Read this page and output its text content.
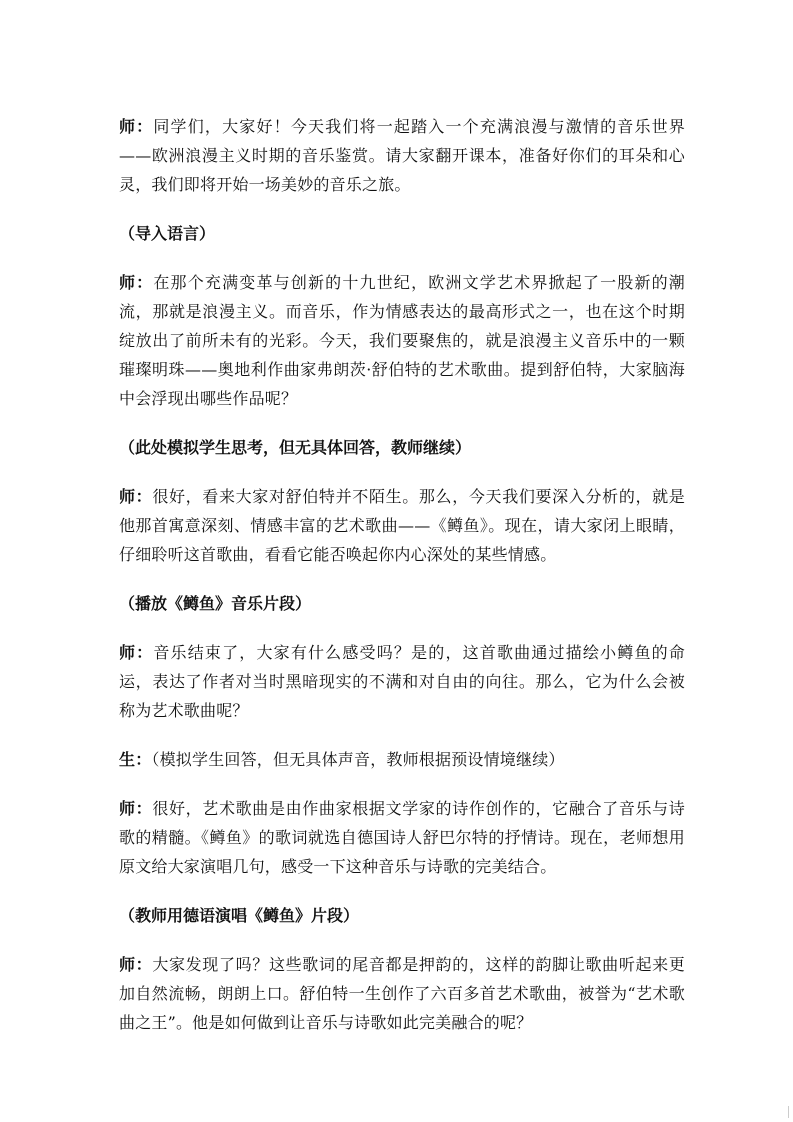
师：同学们，大家好！今天我们将一起踏入一个充满浪漫与激情的音乐世界——欧洲浪漫主义时期的音乐鉴赏。请大家翻开课本，准备好你们的耳朵和心灵，我们即将开始一场美妙的音乐之旅。

（导入语言）

师：在那个充满变革与创新的十九世纪，欧洲文学艺术界掀起了一股新的潮流，那就是浪漫主义。而音乐，作为情感表达的最高形式之一，也在这个时期绽放出了前所未有的光彩。今天，我们要聚焦的，就是浪漫主义音乐中的一颗璀璨明珠——奥地利作曲家弗朗茨·舒伯特的艺术歌曲。提到舒伯特，大家脑海中会浮现出哪些作品呢？

（此处模拟学生思考，但无具体回答，教师继续）

师：很好，看来大家对舒伯特并不陌生。那么，今天我们要深入分析的，就是他那首寓意深刻、情感丰富的艺术歌曲——《鳟鱼》。现在，请大家闭上眼睛，仔细聆听这首歌曲，看看它能否唤起你内心深处的某些情感。

（播放《鳟鱼》音乐片段）

师：音乐结束了，大家有什么感受吗？是的，这首歌曲通过描绘小鳟鱼的命运，表达了作者对当时黑暗现实的不满和对自由的向往。那么，它为什么会被称为艺术歌曲呢？

生：（模拟学生回答，但无具体声音，教师根据预设情境继续）

师：很好，艺术歌曲是由作曲家根据文学家的诗作创作的，它融合了音乐与诗歌的精髓。《鳟鱼》的歌词就选自德国诗人舒巴尔特的抒情诗。现在，老师想用原文给大家演唱几句，感受一下这种音乐与诗歌的完美结合。

（教师用德语演唱《鳟鱼》片段）

师：大家发现了吗？这些歌词的尾音都是押韵的，这样的韵脚让歌曲听起来更加自然流畅，朗朗上口。舒伯特一生创作了六百多首艺术歌曲，被誉为“艺术歌曲之王”。他是如何做到让音乐与诗歌如此完美融合的呢？
